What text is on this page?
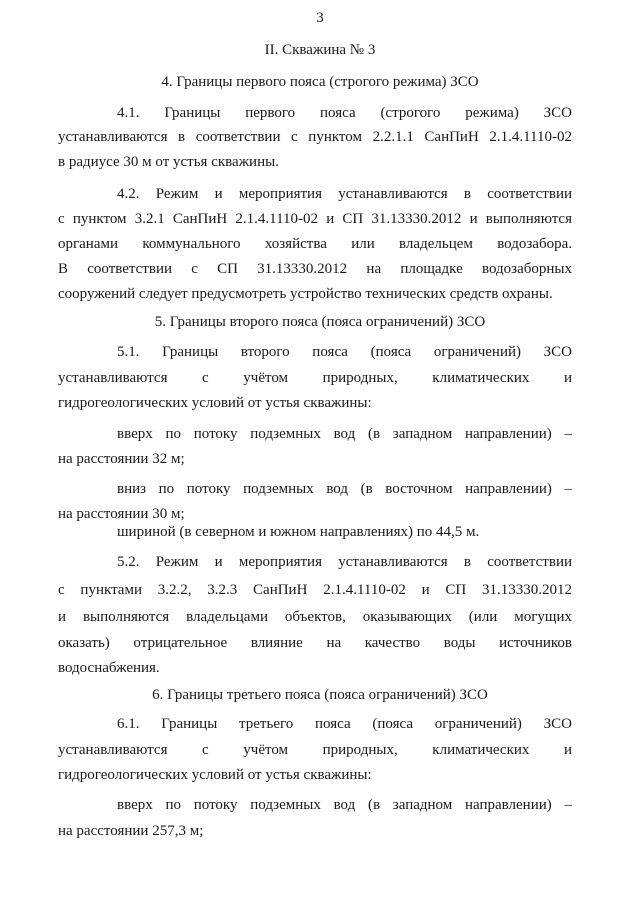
3
II. Скважина № 3
4. Границы первого пояса (строгого режима) ЗСО
4.1. Границы первого пояса (строгого режима) ЗСО
устанавливаются в соответствии с пунктом 2.2.1.1 СанПиН 2.1.4.1110-02
в радиусе 30 м от устья скважины.
4.2. Режим и мероприятия устанавливаются в соответствии
с пунктом 3.2.1 СанПиН 2.1.4.1110-02 и СП 31.13330.2012 и выполняются
органами коммунального хозяйства или владельцем водозабора.
В соответствии с СП 31.13330.2012 на площадке водозаборных
сооружений следует предусмотреть устройство технических средств охраны.
5. Границы второго пояса (пояса ограничений) ЗСО
5.1. Границы второго пояса (пояса ограничений) ЗСО
устанавливаются с учётом природных, климатических и
гидрогеологических условий от устья скважины:
вверх по потоку подземных вод (в западном направлении) –
на расстоянии 32 м;
вниз по потоку подземных вод (в восточном направлении) –
на расстоянии 30 м;
шириной (в северном и южном направлениях) по 44,5 м.
5.2. Режим и мероприятия устанавливаются в соответствии
с пунктами 3.2.2, 3.2.3 СанПиН 2.1.4.1110-02 и СП 31.13330.2012
и выполняются владельцами объектов, оказывающих (или могущих
оказать) отрицательное влияние на качество воды источников
водоснабжения.
6. Границы третьего пояса (пояса ограничений) ЗСО
6.1. Границы третьего пояса (пояса ограничений) ЗСО
устанавливаются с учётом природных, климатических и
гидрогеологических условий от устья скважины:
вверх по потоку подземных вод (в западном направлении) –
на расстоянии 257,3 м;
